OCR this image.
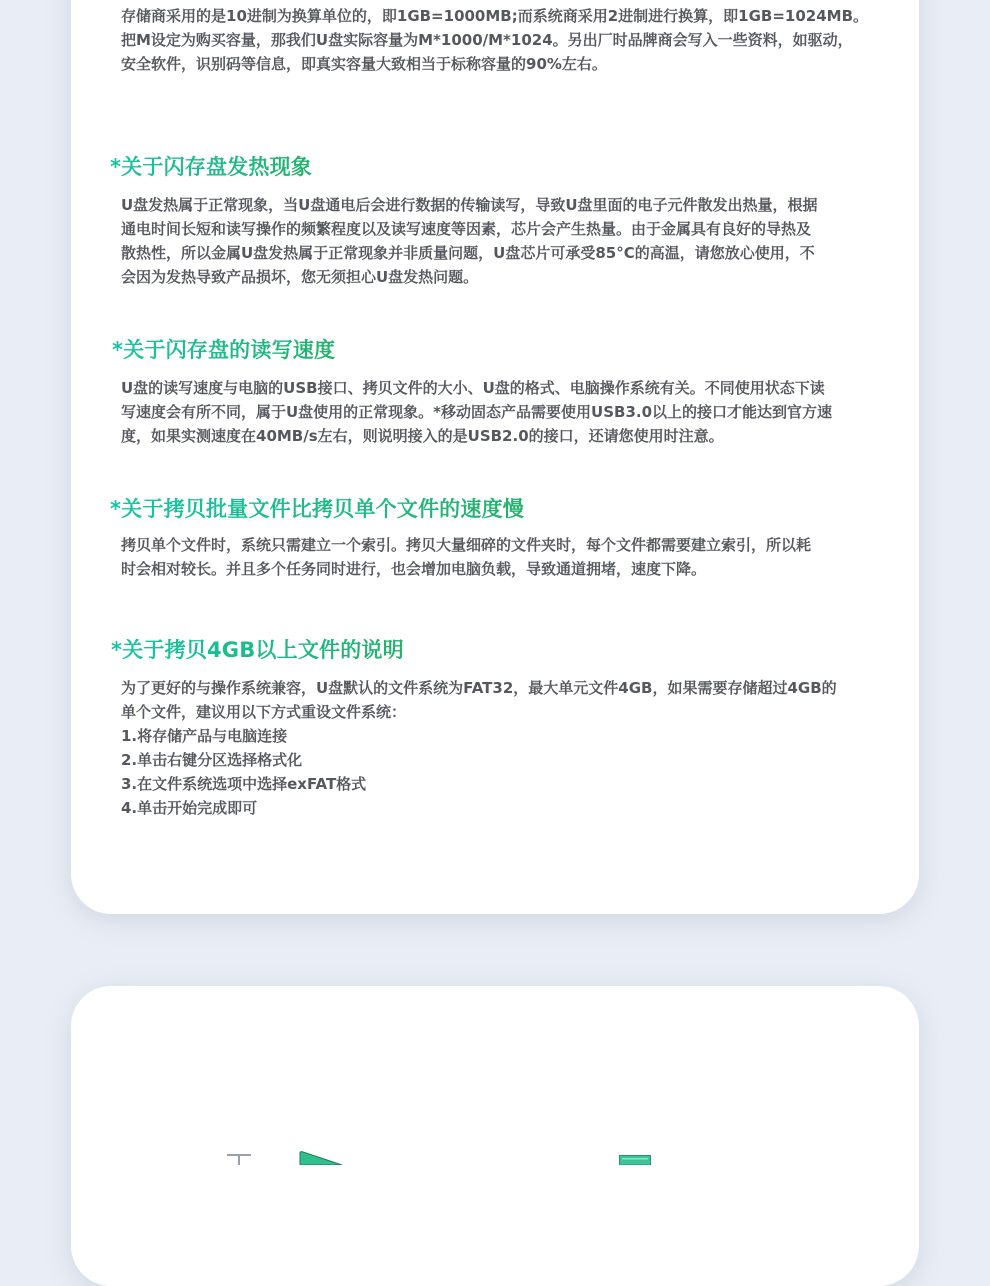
存储商采用的是10进制为换算单位的，即1GB=1000MB;而系统商采用2进制进行换算，即1GB=1024MB。
把M设定为购买容量，那我们U盘实际容量为M*1000/M*1024。另出厂时品牌商会写入一些资料，如驱动，
安全软件，识别码等信息，即真实容量大致相当于标称容量的90%左右。

*关于闪存盘发热现象

U盘发热属于正常现象，当U盘通电后会进行数据的传输读写，导致U盘里面的电子元件散发出热量，根据
通电时间长短和读写操作的频繁程度以及读写速度等因素，芯片会产生热量。由于金属具有良好的导热及
散热性，所以金属U盘发热属于正常现象并非质量问题，U盘芯片可承受85°C的高温，请您放心使用，不
会因为发热导致产品损坏，您无须担心U盘发热问题。

*关于闪存盘的读写速度

U盘的读写速度与电脑的USB接口、拷贝文件的大小、U盘的格式、电脑操作系统有关。不同使用状态下读
写速度会有所不同，属于U盘使用的正常现象。*移动固态产品需要使用USB3.0以上的接口才能达到官方速
度，如果实测速度在40MB/s左右，则说明接入的是USB2.0的接口，还请您使用时注意。

*关于拷贝批量文件比拷贝单个文件的速度慢

拷贝单个文件时，系统只需建立一个索引。拷贝大量细碎的文件夹时，每个文件都需要建立索引，所以耗
时会相对较长。并且多个任务同时进行，也会增加电脑负载，导致通道拥堵，速度下降。

*关于拷贝4GB以上文件的说明

为了更好的与操作系统兼容，U盘默认的文件系统为FAT32，最大单元文件4GB，如果需要存储超过4GB的
单个文件，建议用以下方式重设文件系统：

1.将存储产品与电脑连接
2.单击右键分区选择格式化
3.在文件系统选项中选择exFAT格式
4.单击开始完成即可
